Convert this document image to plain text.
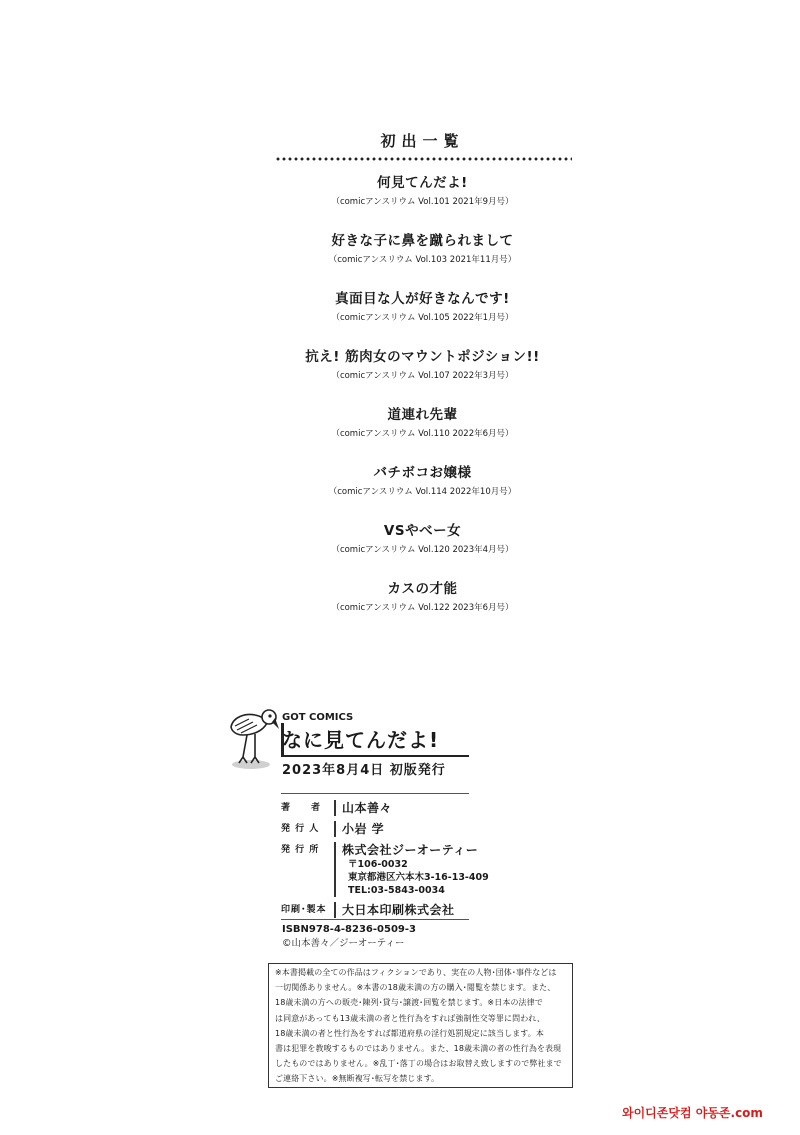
初出一覧
何見てんだよ!
（comicアンスリウム Vol.101 2021年9月号）
好きな子に鼻を蹴られまして
（comicアンスリウム Vol.103 2021年11月号）
真面目な人が好きなんです!
（comicアンスリウム Vol.105 2022年1月号）
抗え! 筋肉女のマウントポジション!!
（comicアンスリウム Vol.107 2022年3月号）
道連れ先輩
（comicアンスリウム Vol.110 2022年6月号）
バチボコお嬢様
（comicアンスリウム Vol.114 2022年10月号）
VSやべー女
（comicアンスリウム Vol.120 2023年4月号）
カスの才能
（comicアンスリウム Vol.122 2023年6月号）
GOT COMICS
なに見てんだよ!
2023年8月4日 初版発行
著　　者	山本善々
発 行 人	小岩 学
発 行 所	株式会社ジーオーティー
〒106-0032
東京都港区六本木3-16-13-409
TEL:03-5843-0034
印刷･製本	大日本印刷株式会社
ISBN978-4-8236-0509-3
©山本善々／ジーオーティー
※本書掲載の全ての作品はフィクションであり、実在の人物･団体･事件などは
一切関係ありません。※本書の18歳未満の方の購入･閲覧を禁じます。また、
18歳未満の方への販売･陳列･貸与･譲渡･回覧を禁じます。※日本の法律で
は同意があっても13歳未満の者と性行為をすれば強制性交等罪に問われ、
18歳未満の者と性行為をすれば都道府県の淫行処罰規定に該当します。本
書は犯罪を教唆するものではありません。また、18歳未満の者の性行為を表現
したものではありません。※乱丁･落丁の場合はお取替え致しますので弊社まで
ご連絡下さい。※無断複写･転写を禁じます。
와이디존닷컴 야동존.com
